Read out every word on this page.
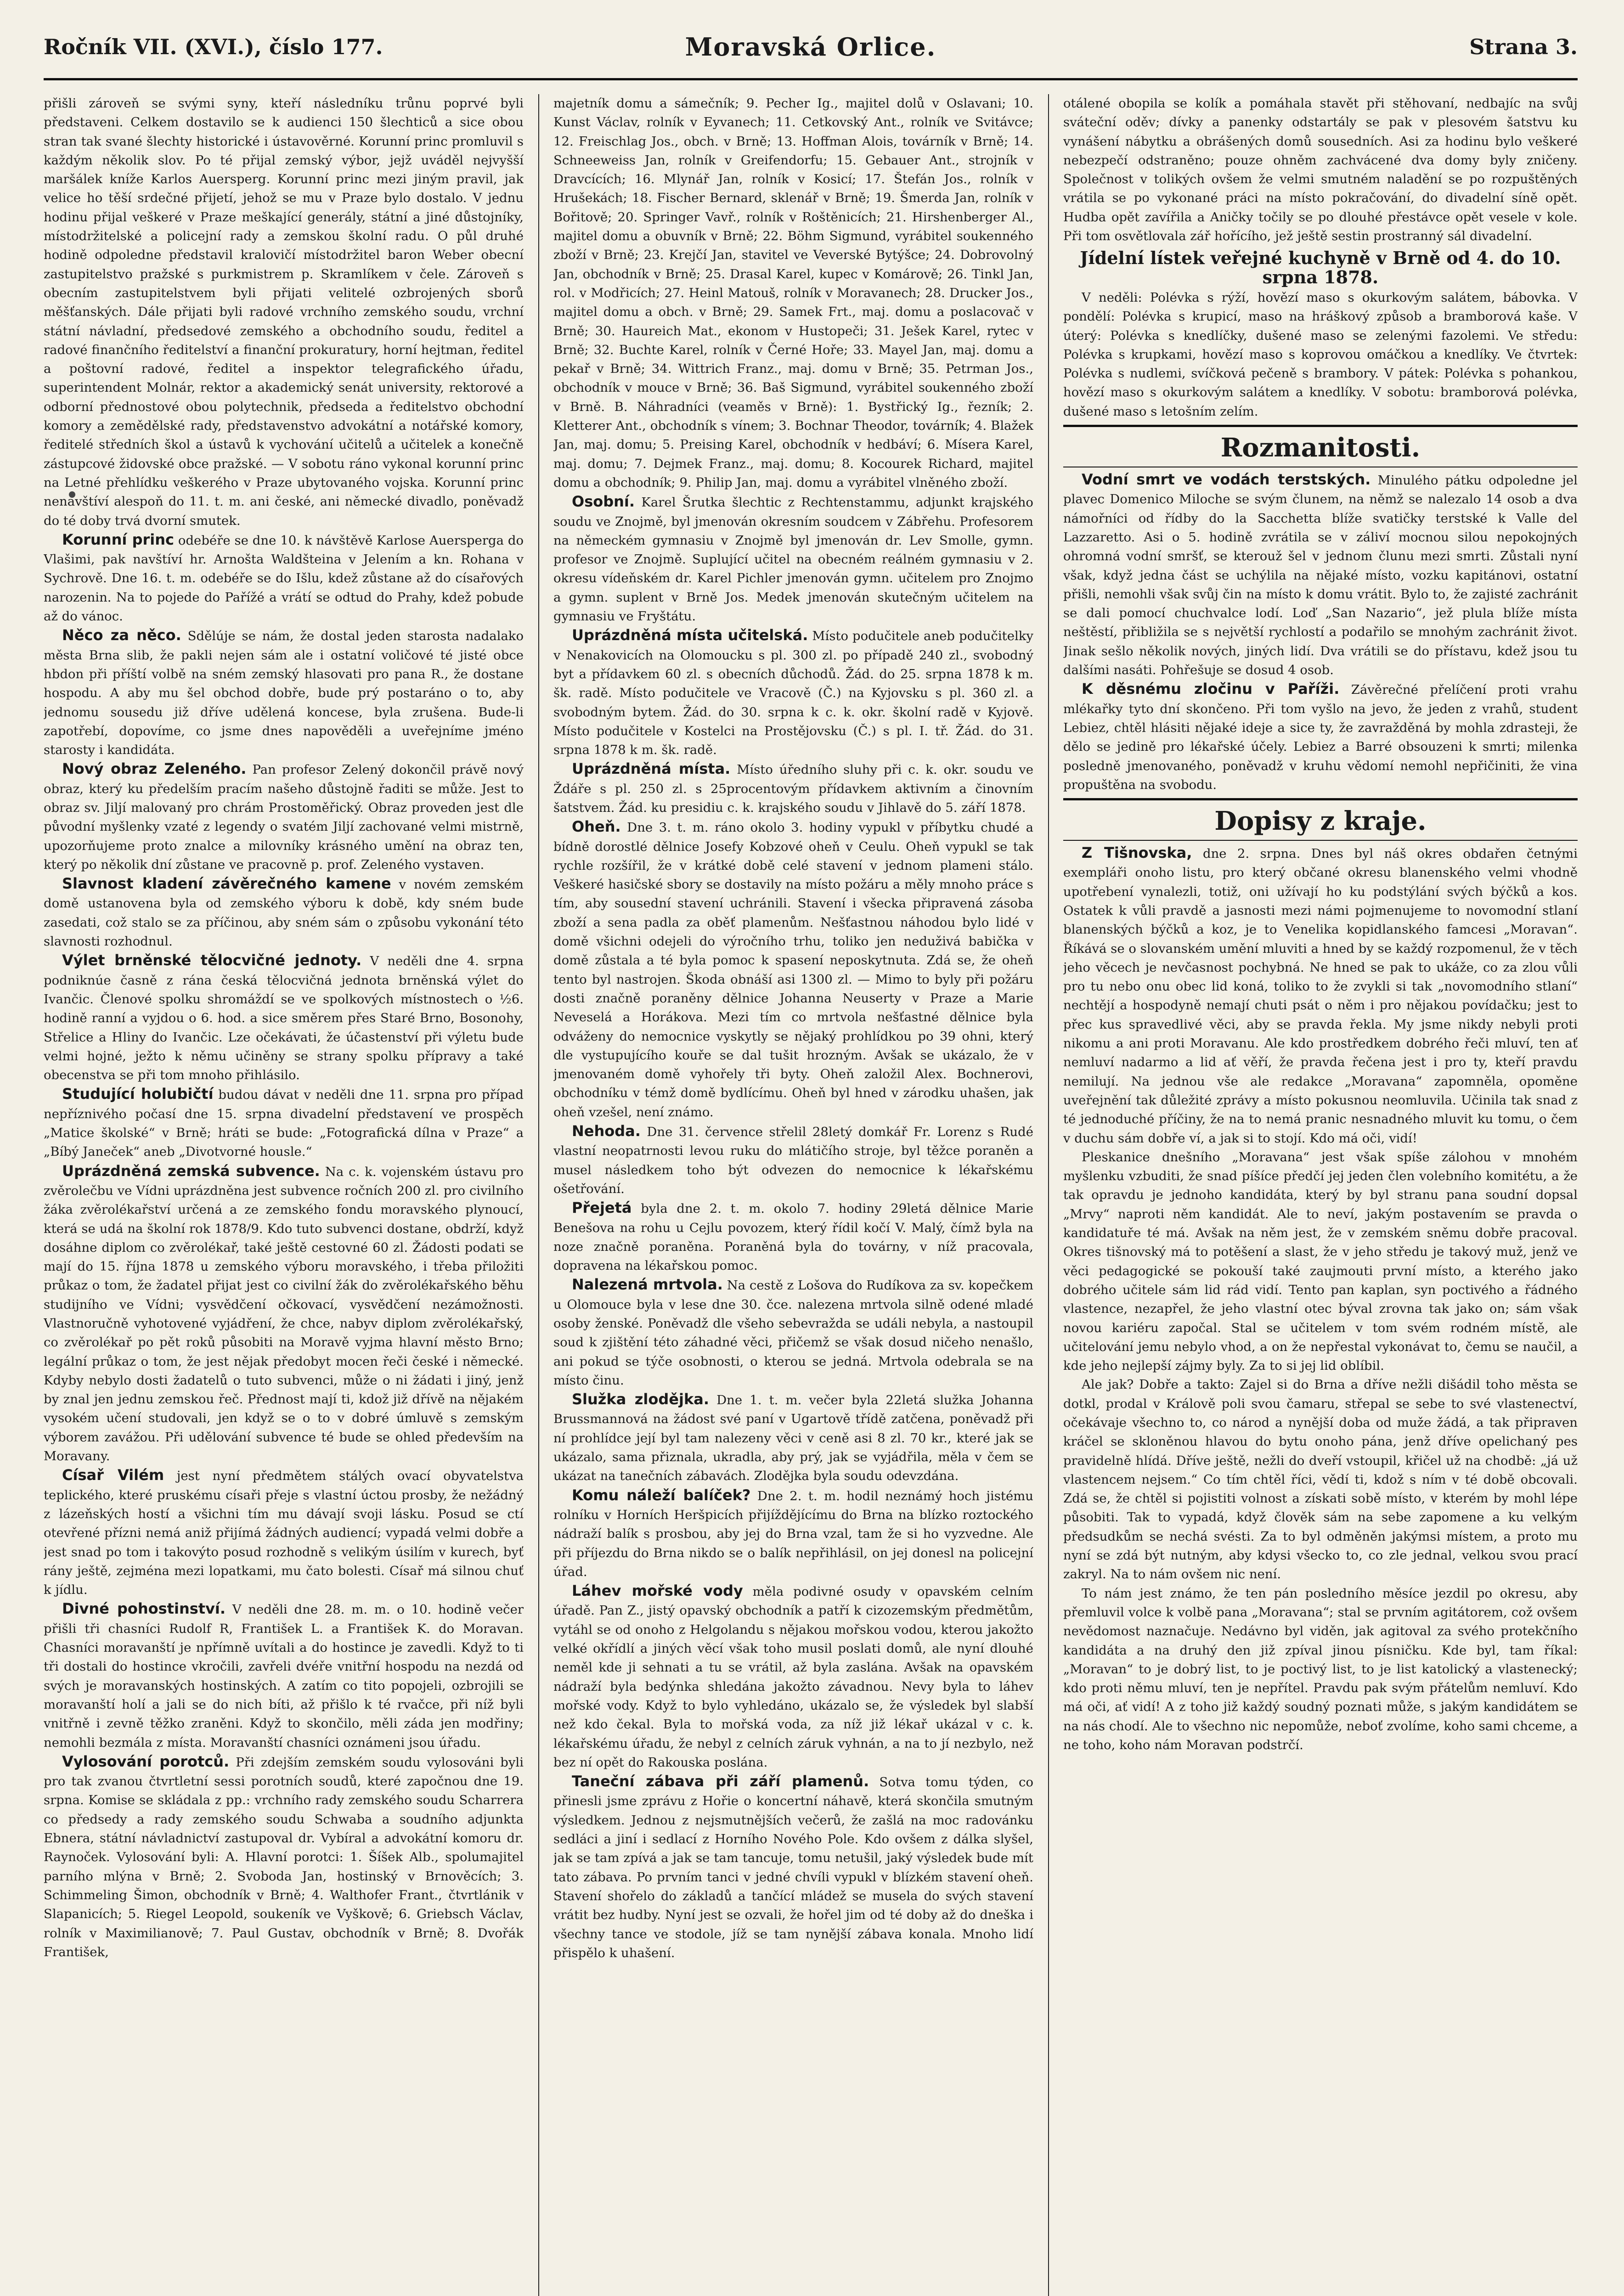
Ročník VII. (XVI.), číslo 177.	Moravská Orlice.	Strana 3.

přišli zároveň se svými syny, kteří následníku trůnu poprvé byli představeni. Celkem dostavilo se k audienci 150 šlechticů a sice obou stran tak svané šlechty historické i ústavověrné. Korunní princ promluvil s každým několik slov. Po té přijal zemský výbor, jejž uváděl nejvyšší maršálek kníže Karlos Auersperg. Korunní princ mezi jiným pravil, jak velice ho těší srdečné přijetí, jehož se mu v Praze bylo dostalo. V jednu hodinu přijal veškeré v Praze meškající generály, státní a jiné důstojníky, místodržitelské a policejní rady a zemskou školní radu. O půl druhé hodině odpoledne představil kralovičí místodržitel baron Weber obecní zastupitelstvo pražské s purkmistrem p. Skramlíkem v čele. Zároveň s obecním zastupitelstvem byli přijati velitelé ozbrojených sborů měšťanských. Dále přijati byli radové vrchního zemského soudu, vrchní státní návladní, předsedové zemského a obchodního soudu, ředitel a radové finančního ředitelství a finanční prokuratury, horní hejtman, ředitel a poštovní radové, ředitel a inspektor telegrafického úřadu, superintendent Molnár, rektor a akademický senát university, rektorové a odborní přednostové obou polytechnik, předseda a ředitelstvo obchodní komory a zemědělské rady, představenstvo advokátní a notářské komory, ředitelé středních škol a ústavů k vychování učitelů a učitelek a konečně zástupcové židovské obce pražské. — V sobotu ráno vykonal korunní princ na Letné přehlídku veškerého v Praze ubytovaného vojska. Korunní princ nenavštíví alespoň do 11. t. m. ani české, ani německé divadlo, poněvadž do té doby trvá dvorní smutek.

Korunní princ odebéře se dne 10. k návštěvě Karlose Auersperga do Vlašimi, pak navštíví hr. Arnošta Waldšteina v Jelením a kn. Rohana v Sychrově. Dne 16. t. m. odebéře se do Išlu, kdež zůstane až do císařových narozenin. Na to pojede do Pařížé a vrátí se odtud do Prahy, kdež pobude až do vánoc.

Něco za něco. Sdělúje se nám, že dostal jeden starosta nadalako města Brna slib, že pakli nejen sám ale i ostatní voličové té jisté obce hbdon při příští volbě na sném zemský hlasovati pro pana R., že dostane hospodu. A aby mu šel obchod dobře, bude prý postaráno o to, aby jednomu sousedu již dříve udělená koncese, byla zrušena. Bude-li zapotřebí, dopovíme, co jsme dnes napověděli a uveřejníme jméno starosty i kandidáta.

Nový obraz Zeleného. Pan profesor Zelený dokončil právě nový obraz, který ku předelším pracím našeho důstojně řaditi se může. Jest to obraz sv. Jiljí malovaný pro chrám Prostoměřický. Obraz proveden jest dle původní myšlenky vzaté z legendy o svatém Jiljí zachované velmi mistrně, upozorňujeme proto znalce a milovníky krásného umění na obraz ten, který po několik dní zůstane ve pracovně p. prof. Zeleného vystaven.

Slavnost kladení závěrečného kamene v novém zemském domě ustanovena byla od zemského výboru k době, kdy sném bude zasedati, což stalo se za příčinou, aby sném sám o způsobu vykonání této slavnosti rozhodnul.

Výlet brněnské tělocvičné jednoty. V neděli dne 4. srpna podniknúe časně z rána česká tělocvičná jednota brněnská výlet do Ivančic. Členové spolku shromáždí se ve spolkových místnostech o ½6. hodině ranní a vyjdou o 6. hod. a sice směrem přes Staré Brno, Bosonohy, Střelice a Hliny do Ivančic. Lze očekávati, že účastenství při výletu bude velmi hojné, ježto k němu učiněny se strany spolku přípravy a také obecenstva se při tom mnoho přihlásilo.

Studující holubičtí budou dávat v neděli dne 11. srpna pro případ nepříznivého počasí dne 15. srpna divadelní představení ve prospěch „Matice školské“ v Brně; hráti se bude: „Fotografická dílna v Praze“ a „Bíbý Janeček“ aneb „Divotvorné housle.“

Uprázdněná zemská subvence. Na c. k. vojenském ústavu pro zvěrolečbu ve Vídni uprázdněna jest subvence ročních 200 zl. pro civilního žáka zvěrolékařství určená a ze zemského fondu moravského plynoucí, která se udá na školní rok 1878/9. Kdo tuto subvenci dostane, obdrží, když dosáhne diplom co zvěrolékař, také ještě cestovné 60 zl. Žádosti podati se mají do 15. října 1878 u zemského výboru moravského, i třeba přiložiti průkaz o tom, že žadatel přijat jest co civilní žák do zvěrolékařského běhu studijního ve Vídni; vysvědčení očkovací, vysvědčení nezámožnosti. Vlastnoručně vyhotovené vyjádření, že chce, nabyv diplom zvěrolékařský, co zvěrolékař po pět roků působiti na Moravě vyjma hlavní město Brno; legální průkaz o tom, že jest nějak předobyt mocen řeči české i německé. Kdyby nebylo dosti žadatelů o tuto subvenci, může o ni žádati i jiný, jenž by znal jen jednu zemskou řeč. Přednost mají ti, kdož již dřívě na nějakém vysokém učení studovali, jen když se o to v dobré úmluvě s zemským výborem zavážou. Při udělování subvence té bude se ohled především na Moravany.

Císař Vilém jest nyní předmětem stálých ovací obyvatelstva teplického, které pruskému císaři přeje s vlastní úctou prosby, že nežádný z lázeňských hostí a všichni tím mu dávají svoji lásku. Posud se ctí otevřené přízni nemá aniž přijímá žádných audiencí; vypadá velmi dobře a jest snad po tom i takovýto posud rozhodně s velikým úsilím v kurech, byť rány ještě, zejména mezi lopatkami, mu čato bolesti. Císař má silnou chuť k jídlu.

Divné pohostinství. V neděli dne 28. m. m. o 10. hodině večer přišli tři chasníci Rudolf R, František L. a František K. do Moravan. Chasníci moravanští je npřímně uvítali a do hostince je zavedli. Když to ti tři dostali do hostince vkročili, zavřeli dvéře vnitřní hospodu na nezdá od svých je moravanských hostinských. A zatím co tito popojeli, ozbrojili se moravanští holí a jali se do nich bíti, až přišlo k té rvačce, při níž byli vnitřně i zevně těžko zraněni. Když to skončilo, měli záda jen modřiny; nemohli bezmála z místa. Moravanští chasníci oznámeni jsou úřadu.

Vylosování porotců. Při zdejším zemském soudu vylosováni byli pro tak zvanou čtvrtletní sessi porotních soudů, které započnou dne 19. srpna. Komise se skládala z pp.: vrchního rady zemského soudu Scharrera co předsedy a rady zemského soudu Schwaba a soudního adjunkta Ebnera, státní návladnictví zastupoval dr. Vybíral a advokátní komoru dr. Raynoček. Vylosování byli: A. Hlavní porotci: 1. Šíšek Alb., spolumajitel parního mlýna v Brně; 2. Svoboda Jan, hostinský v Brnověcích; 3. Schimmeling Šimon, obchodník v Brně; 4. Walthofer Frant., čtvrtlánik v Slapanicích; 5. Riegel Leopold, soukeník ve Vyškově; 6. Griebsch Václav, rolník v Maximilianově; 7. Paul Gustav, obchodník v Brně; 8. Dvořák František,

majetník domu a sámečník; 9. Pecher Ig., majitel dolů v Oslavani; 10. Kunst Václav, rolník v Eyvanech; 11. Cetkovský Ant., rolník ve Svitávce; 12. Freischlag Jos., obch. v Brně; 13. Hoffman Alois, továrník v Brně; 14. Schneeweiss Jan, rolník v Greifendorfu; 15. Gebauer Ant., strojník v Dravcících; 16. Mlynář Jan, rolník v Kosicí; 17. Štefán Jos., rolník v Hrušekách; 18. Fischer Bernard, sklenář v Brně; 19. Šmerda Jan, rolník v Bořitově; 20. Springer Vavř., rolník v Roštěnicích; 21. Hirshenberger Al., majitel domu a obuvník v Brně; 22. Böhm Sigmund, vyrábitel soukenného zboží v Brně; 23. Krejčí Jan, stavitel ve Veverské Bytýšce; 24. Dobrovolný Jan, obchodník v Brně; 25. Drasal Karel, kupec v Komárově; 26. Tinkl Jan, rol. v Modřicích; 27. Heinl Matouš, rolník v Moravanech; 28. Drucker Jos., majitel domu a obch. v Brně; 29. Samek Frt., maj. domu a poslacovač v Brně; 30. Haureich Mat., ekonom v Hustopeči; 31. Ješek Karel, rytec v Brně; 32. Buchte Karel, rolník v Černé Hoře; 33. Mayel Jan, maj. domu a pekař v Brně; 34. Wittrich Franz., maj. domu v Brně; 35. Petrman Jos., obchodník v mouce v Brně; 36. Baš Sigmund, vyrábitel soukenného zboží v Brně. B. Náhradníci (veaměs v Brně): 1. Bystřický Ig., řezník; 2. Kletterer Ant., obchodník s vínem; 3. Bochnar Theodor, továrník; 4. Blažek Jan, maj. domu; 5. Preising Karel, obchodník v hedbáví; 6. Mísera Karel, maj. domu; 7. Dejmek Franz., maj. domu; 8. Kocourek Richard, majitel domu a obchodník; 9. Philip Jan, maj. domu a vyrábitel vlněného zboží.

Osobní. Karel Šrutka šlechtic z Rechtenstammu, adjunkt krajského soudu ve Znojmě, byl jmenován okresním soudcem v Zábřehu. Profesorem na německém gymnasiu v Znojmě byl jmenován dr. Lev Smolle, gymn. profesor ve Znojmě. Suplující učitel na obecném reálném gymnasiu v 2. okresu vídeňském dr. Karel Pichler jmenován gymn. učitelem pro Znojmo a gymn. suplent v Brně Jos. Medek jmenován skutečným učitelem na gymnasiu ve Fryštátu.

Uprázdněná místa učitelská. Místo podučitele aneb podučitelky v Nenakovicích na Olomoucku s pl. 300 zl. po případě 240 zl., svobodný byt a přídavkem 60 zl. s obecních důchodů. Žád. do 25. srpna 1878 k m. šk. radě. Místo podučitele ve Vracově (Č.) na Kyjovsku s pl. 360 zl. a svobodným bytem. Žád. do 30. srpna k c. k. okr. školní radě v Kyjově. Místo podučitele v Kostelci na Prostějovsku (Č.) s pl. I. tř. Žád. do 31. srpna 1878 k m. šk. radě.

Uprázdněná místa. Místo úředního sluhy při c. k. okr. soudu ve Ždáře s pl. 250 zl. s 25procentovým přídavkem aktivním a činovním šatstvem. Žád. ku presidiu c. k. krajského soudu v Jihlavě do 5. září 1878.

Oheň. Dne 3. t. m. ráno okolo 3. hodiny vypukl v příbytku chudé a bídně dorostlé dělnice Josefy Kobzové oheň v Ceulu. Oheň vypukl se tak rychle rozšířil, že v krátké době celé stavení v jednom plameni stálo. Veškeré hasičské sbory se dostavily na místo požáru a měly mnoho práce s tím, aby sousední stavení uchránili. Stavení i všecka připravená zásoba zboží a sena padla za oběť plamenům. Nešťastnou náhodou bylo lidé v domě všichni odejeli do výročního trhu, toliko jen neduživá babička v domě zůstala a té byla pomoc k spasení neposkytnuta. Zdá se, že oheň tento byl nastrojen. Škoda obnáší asi 1300 zl. — Mimo to byly při požáru dosti značně poraněny dělnice Johanna Neuserty v Praze a Marie Neveselá a Horákova. Mezi tím co mrtvola nešťastné dělnice byla odváženy do nemocnice vyskytly se nějaký prohlídkou po 39 ohni, který dle vystupujícího kouře se dal tušit hrozným. Avšak se ukázalo, že v jmenovaném domě vyhořely tři byty. Oheň založil Alex. Bochnerovi, obchodníku v témž domě bydlícímu. Oheň byl hned v zárodku uhašen, jak oheň vzešel, není známo.

Nehoda. Dne 31. července střelil 28letý domkář Fr. Lorenz s Rudé vlastní neopatrnosti levou ruku do mlátičího stroje, byl těžce poraněn a musel následkem toho být odvezen do nemocnice k lékařskému ošetřování.

Přejetá byla dne 2. t. m. okolo 7. hodiny 29letá dělnice Marie Benešova na rohu u Cejlu povozem, který řídil kočí V. Malý, čímž byla na noze značně poraněna. Poraněná byla do továrny, v níž pracovala, dopravena na lékařskou pomoc.

Nalezená mrtvola. Na cestě z Lošova do Rudíkova za sv. kopečkem u Olomouce byla v lese dne 30. čce. nalezena mrtvola silně odené mladé osoby ženské. Poněvadž dle všeho sebevražda se událi nebyla, a nastoupil soud k zjištění této záhadné věci, přičemž se však dosud ničeho nenašlo, ani pokud se týče osobnosti, o kterou se jedná. Mrtvola odebrala se na místo činu.

Služka zlodějka. Dne 1. t. m. večer byla 22letá služka Johanna Brussmannová na žádost své paní v Ugartově třídě zatčena, poněvadž při ní prohlídce její byl tam nalezeny věci v ceně asi 8 zl. 70 kr., které jak se ukázalo, sama přiznala, ukradla, aby prý, jak se vyjádřila, měla v čem se ukázat na tanečních zábavách. Zlodějka byla soudu odevzdána.

Komu náleží balíček? Dne 2. t. m. hodil neznámý hoch jistému rolníku v Horních Heršpicích přijíždějícímu do Brna na blízko roztockého nádraží balík s prosbou, aby jej do Brna vzal, tam že si ho vyzvedne. Ale při příjezdu do Brna nikdo se o balík nepřihlásil, on jej donesl na policejní úřad.

Láhev mořské vody měla podivné osudy v opavském celním úřadě. Pan Z., jistý opavský obchodník a patří k cizozemským předmětům, vytáhl se od onoho z Helgolandu s nějakou mořskou vodou, kterou jakožto velké okřídlí a jiných věcí však toho musil poslati domů, ale nyní dlouhé neměl kde ji sehnati a tu se vrátil, až byla zaslána. Avšak na opavském nádraží byla bedýnka shledána jakožto závadnou. Nevy byla to láhev mořské vody. Když to bylo vyhledáno, ukázalo se, že výsledek byl slabší než kdo čekal. Byla to mořská voda, za níž již lékař ukázal v c. k. lékařskému úřadu, že nebyl z celních záruk vyhnán, a na to jí nezbylo, než bez ní opět do Rakouska poslána.

Taneční zábava při září plamenů. Sotva tomu týden, co přinesli jsme zprávu z Hořie o koncertní náhavě, která skončila smutným výsledkem. Jednou z nejsmutnějších večerů, že zašlá na moc radovánku sedláci a jiní i sedlací z Horního Nového Pole. Kdo ovšem z dálka slyšel, jak se tam zpívá a jak se tam tancuje, tomu netušil, jaký výsledek bude mít tato zábava. Po prvním tanci v jedné chvíli vypukl v blízkém stavení oheň. Stavení shořelo do základů a tančící mládež se musela do svých stavení vrátit bez hudby. Nyní jest se ozvali, že hořel jim od té doby až do dneška i všechny tance ve stodole, jíž se tam nynější zábava konala. Mnoho lidí přispělo k uhašení.

otálené obopila se kolík a pomáhala stavět při stěhovaní, nedbajíc na svůj sváteční oděv; dívky a panenky odstartály se pak v plesovém šatstvu ku vynášení nábytku a obrášených domů sousedních. Asi za hodinu bylo veškeré nebezpečí odstraněno; pouze ohněm zachvácené dva domy byly zničeny. Společnost v tolikých ovšem že velmi smutném naladění se po rozpuštěných vrátila se po vykonané práci na místo pokračování, do divadelní síně opět. Hudba opět zavířila a Aničky točily se po dlouhé přestávce opět vesele v kole. Při tom osvětlovala zář hořícího, jež ještě sestin prostranný sál divadelní.

Jídelní lístek veřejné kuchyně v Brně od 4. do 10. srpna 1878.

V neděli: Polévka s rýží, hovězí maso s okurkovým salátem, bábovka. V pondělí: Polévka s krupicí, maso na hráškový způsob a bramborová kaše. V úterý: Polévka s knedlíčky, dušené maso se zelenými fazolemi. Ve středu: Polévka s krupkami, hovězí maso s koprovou omáčkou a knedlíky. Ve čtvrtek: Polévka s nudlemi, svíčková pečeně s brambory. V pátek: Polévka s pohankou, hovězí maso s okurkovým salátem a knedlíky. V sobotu: bramborová polévka, dušené maso s letošním zelím.

Rozmanitosti.

Vodní smrt ve vodách terstských. Minulého pátku odpoledne jel plavec Domenico Miloche se svým člunem, na němž se nalezalo 14 osob a dva námořníci od řídby do la Sacchetta blíže svatičky terstské k Valle del Lazzaretto. Asi o 5. hodině zvrátila se v záliví mocnou silou nepokojných ohromná vodní smršť, se kterouž šel v jednom člunu mezi smrti. Zůstali nyní však, když jedna část se uchýlila na nějaké místo, vozku kapitánovi, ostatní přišli, nemohli však svůj čin na místo k domu vrátit. Bylo to, že zajisté zachránit se dali pomocí chuchvalce lodí. Loď „San Nazario“, jež plula blíže místa neštěstí, přibližila se s největší rychlostí a podařilo se mnohým zachránit život. Jinak sešlo několik nových, jiných lidí. Dva vrátili se do přístavu, kdež jsou tu dalšími nasáti. Pohřešuje se dosud 4 osob.

K děsnému zločinu v Paříži. Závěrečné přelíčení proti vrahu mlékařky tyto dní skončeno. Při tom vyšlo na jevo, že jeden z vrahů, student Lebiez, chtěl hlásiti nějaké ideje a sice ty, že zavražděná by mohla zdrasteji, že dělo se jedině pro lékařské účely. Lebiez a Barré obsouzeni k smrti; milenka posledně jmenovaného, poněvadž v kruhu vědomí nemohl nepřičiniti, že vina propuštěna na svobodu.

Dopisy z kraje.

Z Tišnovska, dne 2. srpna. Dnes byl náš okres obdařen četnými exempláři onoho listu, pro který občané okresu blanenského velmi vhodně upotřebení vynalezli, totiž, oni užívají ho ku podstýlání svých býčků a kos. Ostatek k vůli pravdě a jasnosti mezi námi pojmenujeme to novomodní stlaní blanenských býčků a koz, je to Venelika kopidlanského famcesi „Moravan“. Říkává se o slovanském umění mluviti a hned by se každý rozpomenul, že v těch jeho věcech je nevčasnost pochybná. Ne hned se pak to ukáže, co za zlou vůli pro tu nebo onu obec lid koná, toliko to že zvykli si tak „novomodního stlaní“ nechtějí a hospodyně nemají chuti psát o něm i pro nějakou povídačku; jest to přec kus spravedlivé věci, aby se pravda řekla. My jsme nikdy nebyli proti nikomu a ani proti Moravanu. Ale kdo prostředkem dobrého řeči mluví, ten ať nemluví nadarmo a lid ať věří, že pravda řečena jest i pro ty, kteří pravdu nemilují. Na jednou vše ale redakce „Moravana“ zapomněla, opoměne uveřejnění tak důležité zprávy a místo pokusnou neomluvila. Učinila tak snad z té jednoduché příčiny, že na to nemá pranic nesnadného mluvit ku tomu, o čem v duchu sám dobře ví, a jak si to stojí. Kdo má oči, vidí!

Pleskanice dnešního „Moravana“ jest však spíše zálohou v mnohém myšlenku vzbuditi, že snad píšíce předčí jej jeden člen volebního komitétu, a že tak opravdu je jednoho kandidáta, který by byl stranu pana soudní dopsal „Mrvy“ naproti něm kandidát. Ale to neví, jakým postavením se pravda o kandidatuře té má. Avšak na něm jest, že v zemském sněmu dobře pracoval. Okres tišnovský má to potěšení a slast, že v jeho středu je takový muž, jenž ve věci pedagogické se pokouší také zaujmouti první místo, a kterého jako dobrého učitele sám lid rád vidí. Tento pan kaplan, syn poctivého a řádného vlastence, nezapřel, že jeho vlastní otec býval zrovna tak jako on; sám však novou kariéru započal. Stal se učitelem v tom svém rodném místě, ale učitelování jemu nebylo vhod, a on že nepřestal vykonávat to, čemu se naučil, a kde jeho nejlepší zájmy byly. Za to si jej lid oblíbil.

Ale jak? Dobře a takto: Zajel si do Brna a dříve nežli dišádil toho města se dotkl, prodal v Králově poli svou čamaru, střepal se sebe to své vlastenectví, očekávaje všechno to, co národ a nynější doba od muže žádá, a tak připraven kráčel se skloněnou hlavou do bytu onoho pána, jenž dříve opelichaný pes pravidelně hlídá. Dříve ještě, nežli do dveří vstoupil, křičel už na chodbě: „já už vlastencem nejsem.“ Co tím chtěl říci, vědí ti, kdož s ním v té době obcovali. Zdá se, že chtěl si pojistiti volnost a získati sobě místo, v kterém by mohl lépe působiti. Tak to vypadá, když člověk sám na sebe zapomene a ku velkým předsudkům se nechá svésti. Za to byl odměněn jakýmsi místem, a proto mu nyní se zdá být nutným, aby kdysi všecko to, co zle jednal, velkou svou prací zakryl. Na to nám ovšem nic není.

To nám jest známo, že ten pán posledního měsíce jezdil po okresu, aby přemluvil volce k volbě pana „Moravana“; stal se prvním agitátorem, což ovšem nevědomost naznačuje. Nedávno byl viděn, jak agitoval za svého protekčního kandidáta a na druhý den již zpíval jinou písničku. Kde byl, tam říkal: „Moravan“ to je dobrý list, to je poctivý list, to je list katolický a vlastenecký; kdo proti němu mluví, ten je nepřítel. Pravdu pak svým přátelům nemluví. Kdo má oči, ať vidí! A z toho již každý soudný poznati může, s jakým kandidátem se na nás chodí. Ale to všechno nic nepomůže, neboť zvolíme, koho sami chceme, a ne toho, koho nám Moravan podstrčí.
